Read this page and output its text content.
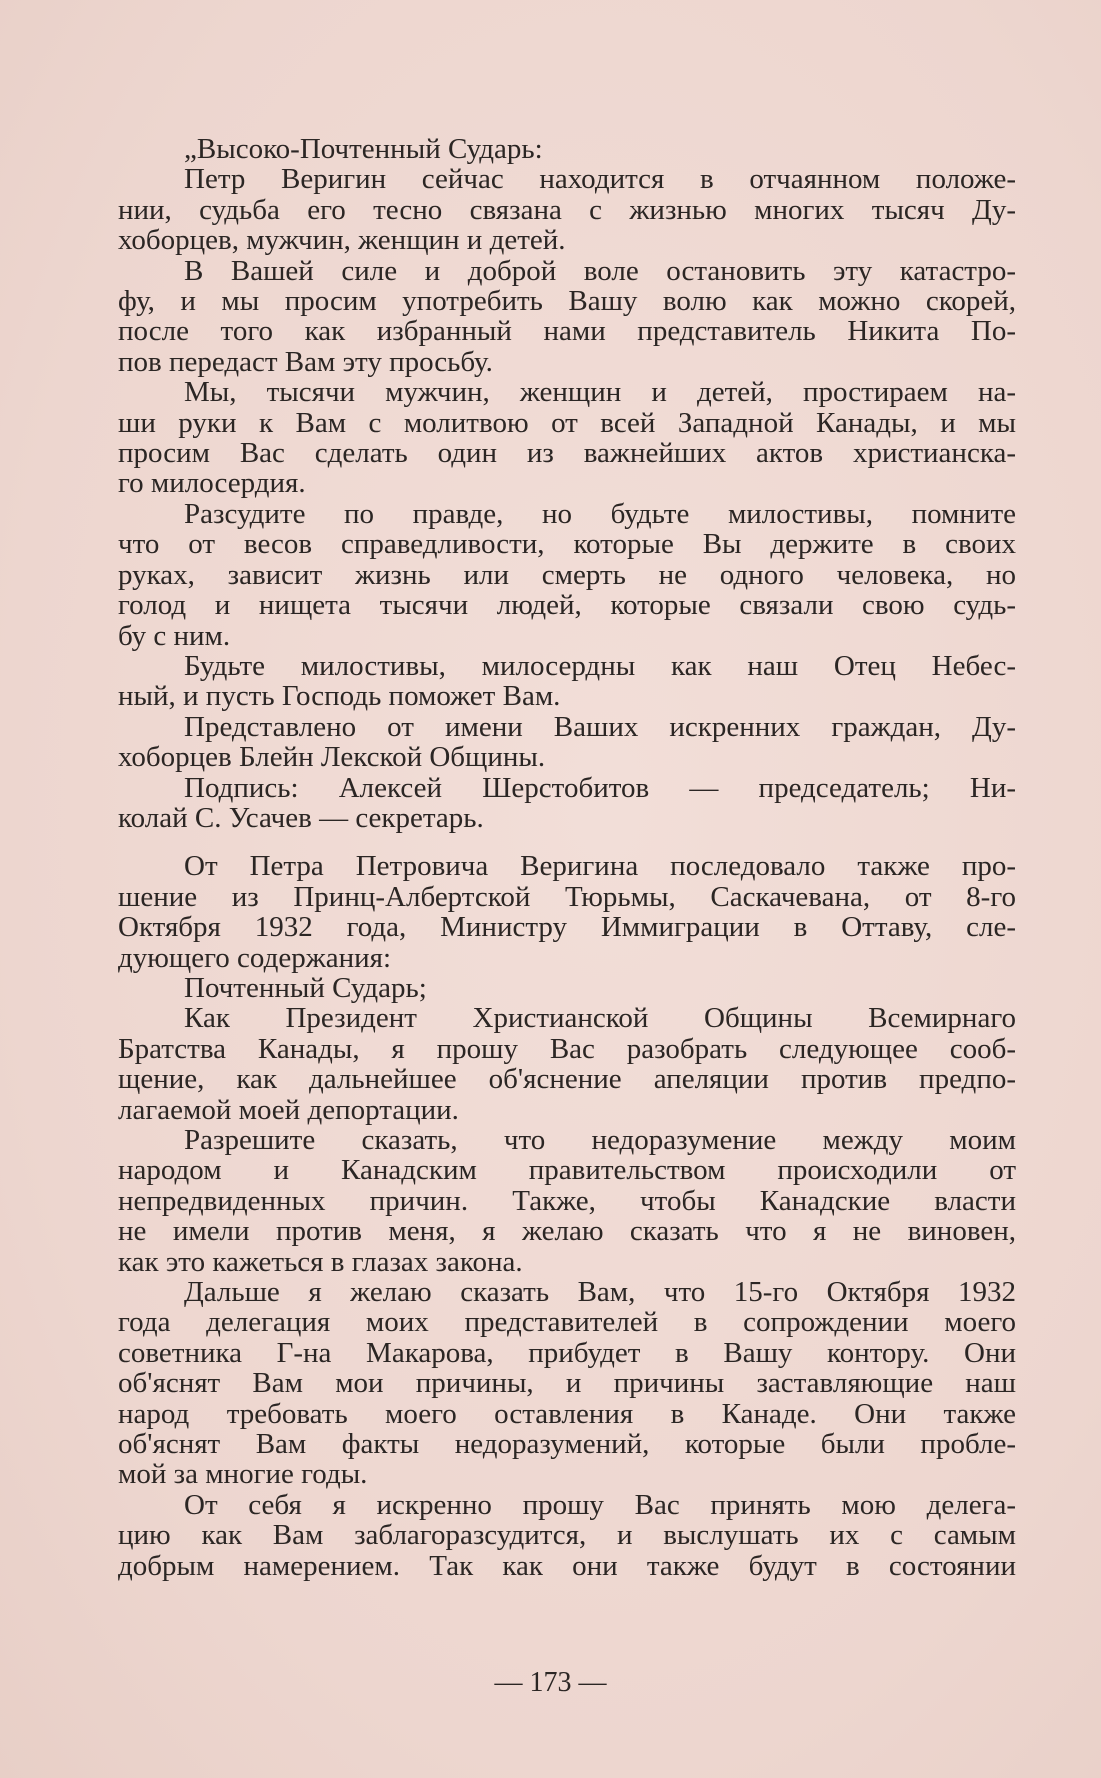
„Высоко-Почтенный Сударь:
Петр Веригин сейчас находится в отчаянном положе-
нии, судьба его тесно связана с жизнью многих тысяч Ду-
хоборцев, мужчин, женщин и детей.
В Вашей силе и доброй воле остановить эту катастро-
фу, и мы просим употребить Вашу волю как можно скорей,
после того как избранный нами представитель Никита По-
пов передаст Вам эту просьбу.
Мы, тысячи мужчин, женщин и детей, простираем на-
ши руки к Вам с молитвою от всей Западной Канады, и мы
просим Вас сделать один из важнейших актов христианска-
го милосердия.
Разсудите по правде, но будьте милостивы, помните
что от весов справедливости, которые Вы держите в своих
руках, зависит жизнь или смерть не одного человека, но
голод и нищета тысячи людей, которые связали свою судь-
бу с ним.
Будьте милостивы, милосердны как наш Отец Небес-
ный, и пусть Господь поможет Вам.
Представлено от имени Ваших искренних граждан, Ду-
хоборцев Блейн Лекской Общины.
Подпись: Алексей Шерстобитов — председатель; Ни-
колай С. Усачев — секретарь.
От Петра Петровича Веригина последовало также про-
шение из Принц-Албертской Тюрьмы, Саскачевана, от 8-го
Октября 1932 года, Министру Иммиграции в Оттаву, сле-
дующего содержания:
Почтенный Сударь;
Как Президент Христианской Общины Всемирнаго
Братства Канады, я прошу Вас разобрать следующее сооб-
щение, как дальнейшее об'яснение апеляции против предпо-
лагаемой моей депортации.
Разрешите сказать, что недоразумение между моим
народом и Канадским правительством происходили от
непредвиденных причин. Также, чтобы Канадские власти
не имели против меня, я желаю сказать что я не виновен,
как это кажеться в глазах закона.
Дальше я желаю сказать Вам, что 15-го Октября 1932
года делегация моих представителей в сопрождении моего
советника Г-на Макарова, прибудет в Вашу контору. Они
об'яснят Вам мои причины, и причины заставляющие наш
народ требовать моего оставления в Канаде. Они также
об'яснят Вам факты недоразумений, которые были пробле-
мой за многие годы.
От себя я искренно прошу Вас принять мою делега-
цию как Вам заблагоразсудится, и выслушать их с самым
добрым намерением. Так как они также будут в состоянии
— 173 —
